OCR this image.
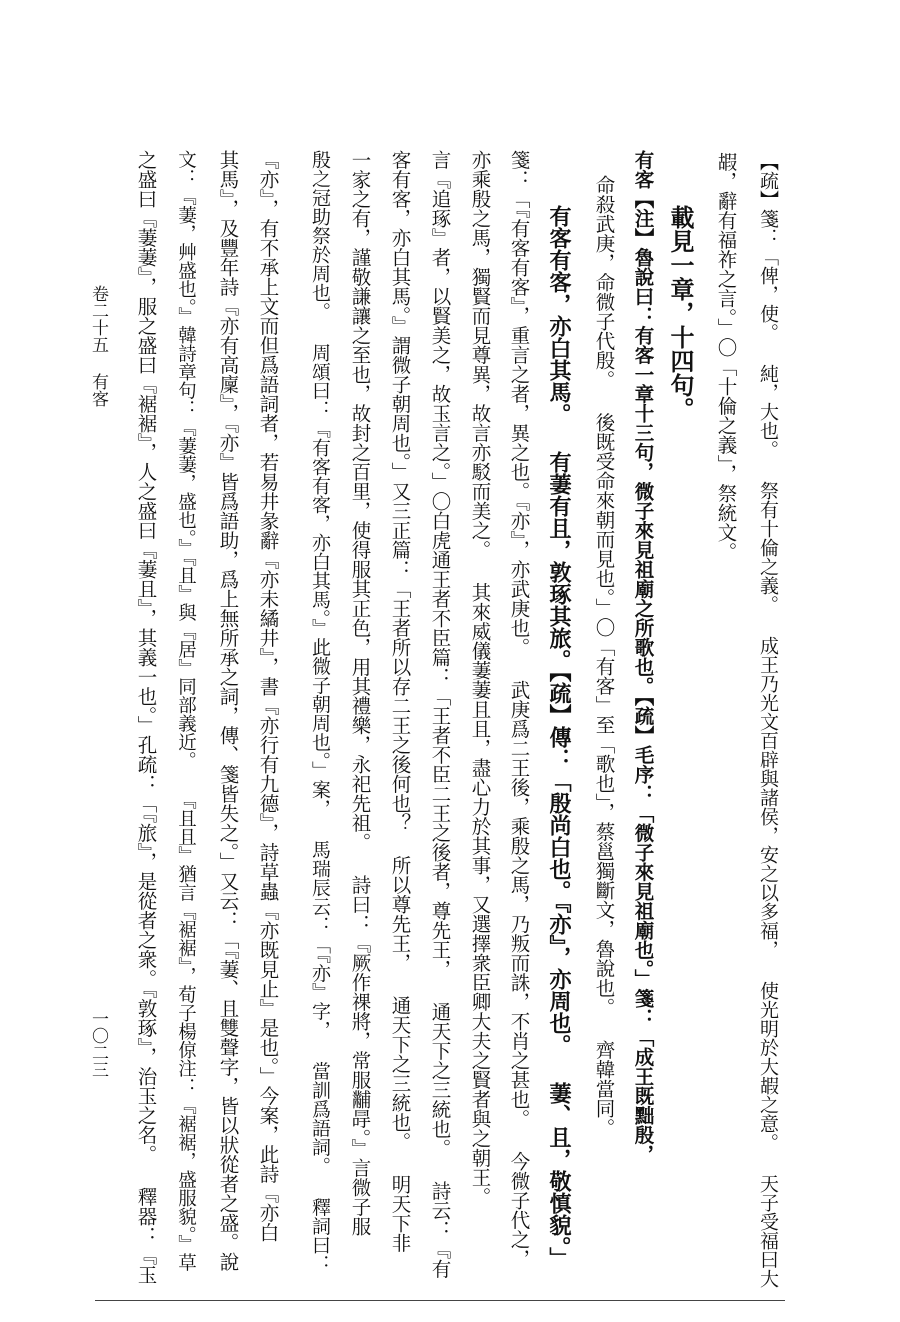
【疏】箋：「俾，使。 純，大也。 祭有十倫之義。 成王乃光文百辟與諸侯，安之以多福， 使光明於大嘏之意。 天子受福曰大
嘏，辭有福祚之言。」〇「十倫之義」，祭統文。
載見一章，十四句。
有客【注】魯說曰：有客一章十三句，微子來見祖廟之所歌也。【疏】毛序：「微子來見祖廟也。」箋：「成王既黜殷，
命殺武庚，命微子代殷。 後既受命來朝而見也。」〇「有客」至「歌也」，蔡邕獨斷文，魯說也。 齊韓當同。
有客有客，亦白其馬。 有萋有且，敦琢其旅。【疏】傳：「殷尚白也。『亦』，亦周也。 萋、且，敬慎貌。」
箋：「『有客有客』，重言之者，異之也。『亦』，亦武庚也。 武庚爲二王後，乘殷之馬，乃叛而誅，不肖之甚也。 今微子代之，
亦乘殷之馬，獨賢而見尊異，故言亦駁而美之。 其來威儀萋萋且且，盡心力於其事，又選擇衆臣卿大夫之賢者與之朝王。
言『追琢』者，以賢美之，故玉言之。」〇白虎通王者不臣篇：「王者不臣二王之後者，尊先王， 通天下之三統也。 詩云：『有
客有客，亦白其馬。』謂微子朝周也。」又三正篇：「王者所以存二王之後何也？ 所以尊先王， 通天下之三統也。 明天下非
一家之有，謹敬謙讓之至也，故封之百里，使得服其正色，用其禮樂，永祀先祖。 詩曰：『厥作祼將，常服黼冔。』言微子服
殷之冠助祭於周也。 周頌曰：『有客有客，亦白其馬。』此微子朝周也。」案， 馬瑞辰云：「『亦』字， 當訓爲語詞。 釋詞曰：
『亦』，有不承上文而但爲語詞者，若易井彖辭『亦未繘井』，書『亦行有九德』，詩草蟲『亦既見止』是也。」今案，此詩『亦白
其馬』，及豐年詩『亦有高廩』，『亦』皆爲語助，爲上無所承之詞，傳、箋皆失之。」又云：「『萋、且雙聲字，皆以狀從者之盛。說
文：『萋，艸盛也。』韓詩章句：『萋萋，盛也。』『且』與『居』同部義近。 『且且』猶言『裾裾』，荀子楊倞注：『裾裾，盛服貌。』草
之盛曰『萋萋』，服之盛曰『裾裾』，人之盛曰『萋且』，其義一也。」孔疏：「『旅』，是從者之衆。『敦琢』，治玉之名。 釋器：『玉
卷二十五 有客
一〇二三
